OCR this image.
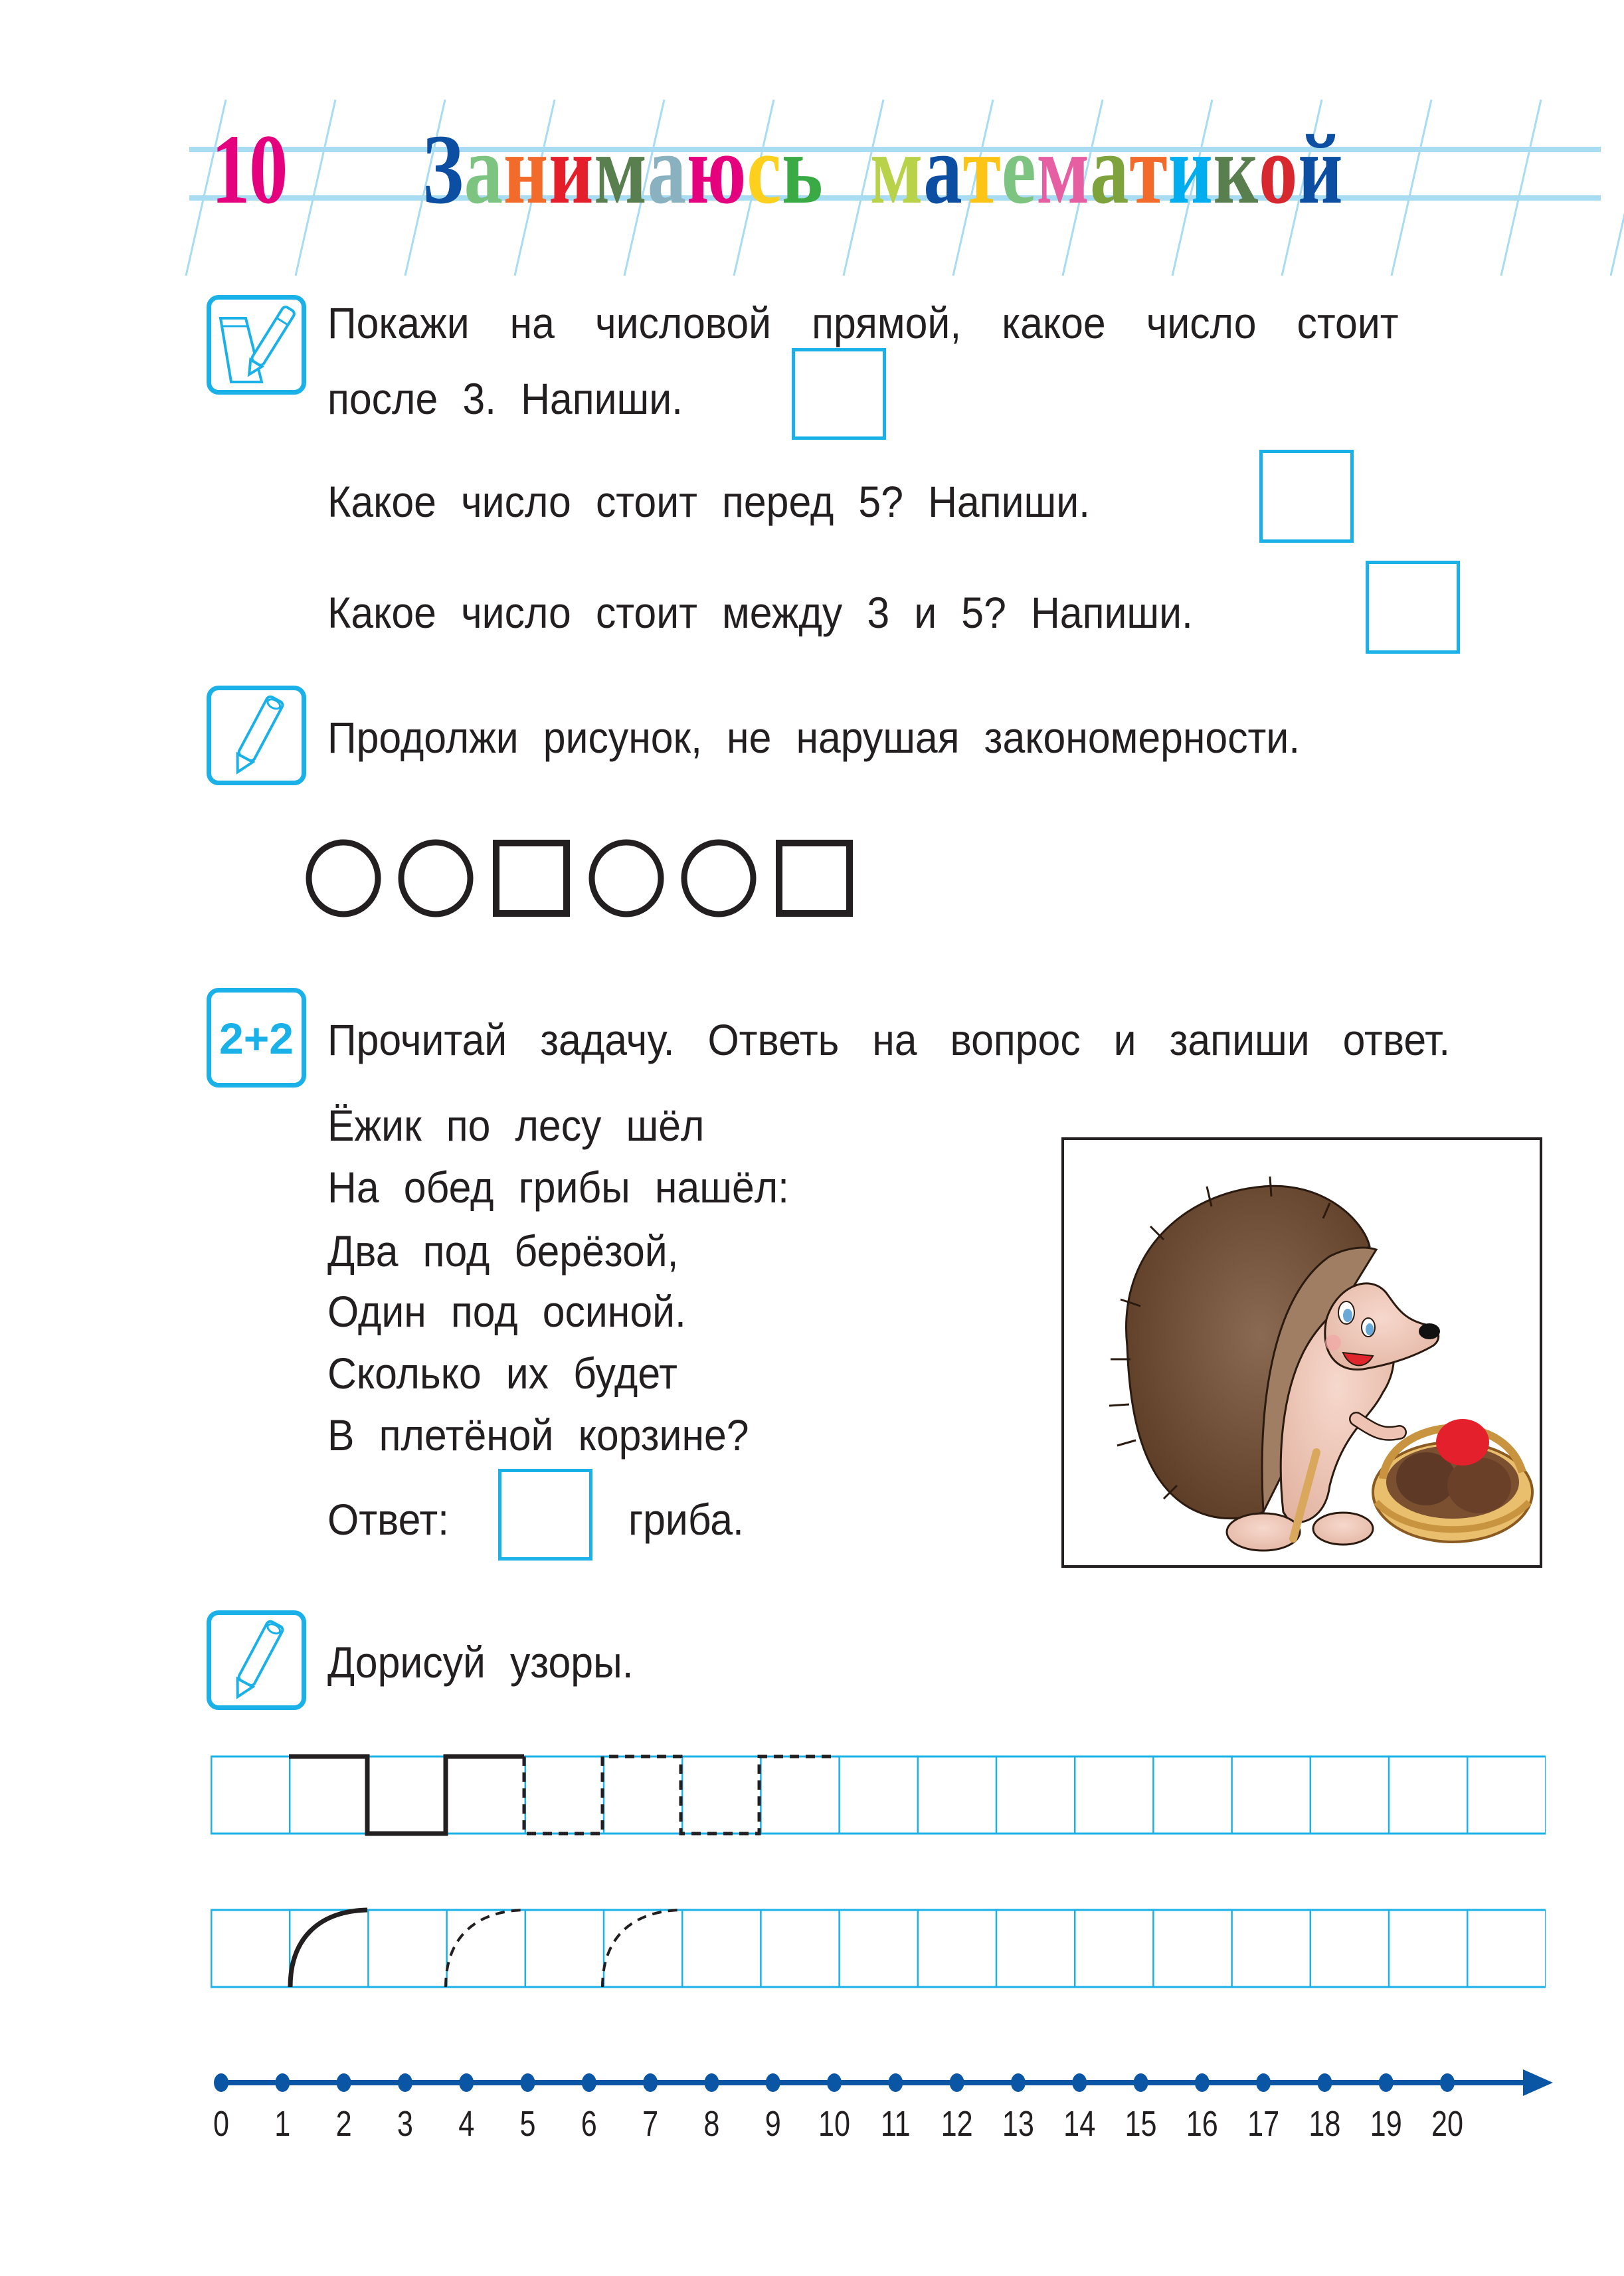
10 Занимаюсь математикой
Покажи на числовой прямой, какое число стоит
после 3. Напиши.
Какое число стоит перед 5? Напиши.
Какое число стоит между 3 и 5? Напиши.
Продолжи рисунок, не нарушая закономерности.
2+2 Прочитай задачу. Ответь на вопрос и запиши ответ.
Ёжик по лесу шёл
На обед грибы нашёл:
Два под берёзой,
Один под осиной.
Сколько их будет
В плетёной корзине?
Ответ:	гриба.
Дорисуй узоры.
0 1 2 3 4 5 6 7 8 9 10 11 12 13 14 15 16 17 18 19 20
